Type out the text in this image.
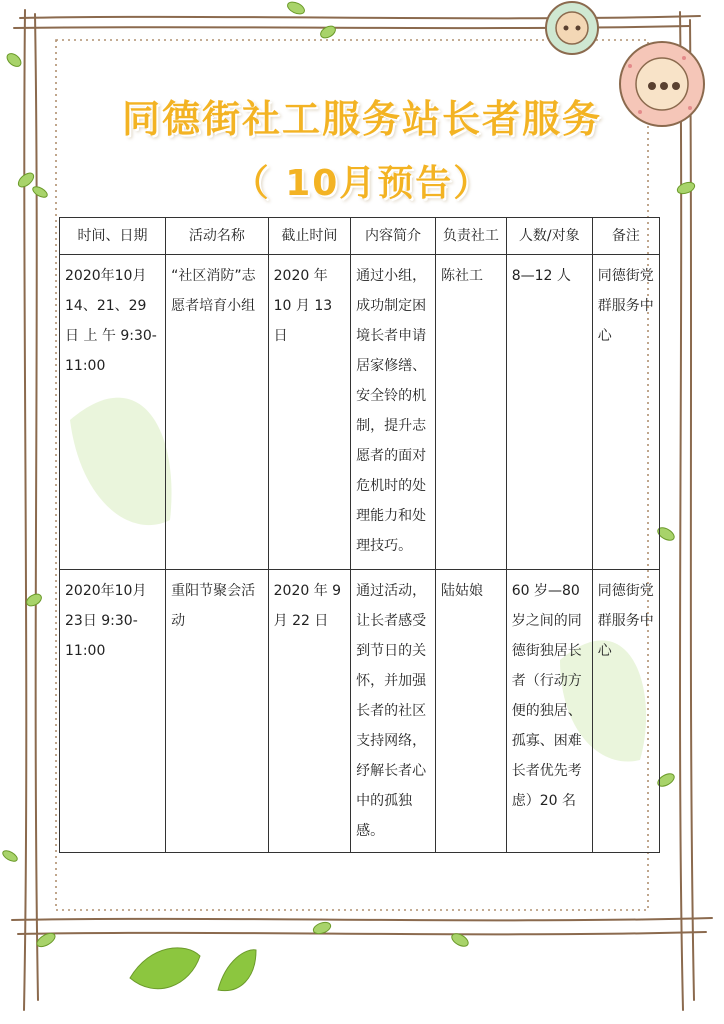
同德街社工服务站长者服务
（ 10月预告）
时间、日期	活动名称	截止时间	内容简介	负责社工	人数/对象	备注
2020年10月14、21、29日 上 午 9:30-11:00	“社区消防”志愿者培育小组	2020 年 10 月 13 日	通过小组，成功制定困境长者申请居家修缮、安全铃的机制，提升志愿者的面对危机时的处理能力和处理技巧。	陈社工	8—12 人	同德街党群服务中心
2020年10月23日 9:30-11:00	重阳节聚会活动	2020 年 9 月 22 日	通过活动，让长者感受到节日的关怀，并加强长者的社区支持网络，纾解长者心中的孤独感。	陆姑娘	60 岁—80 岁之间的同德街独居长者（行动方便的独居、孤寡、困难长者优先考虑）20 名	同德街党群服务中心
